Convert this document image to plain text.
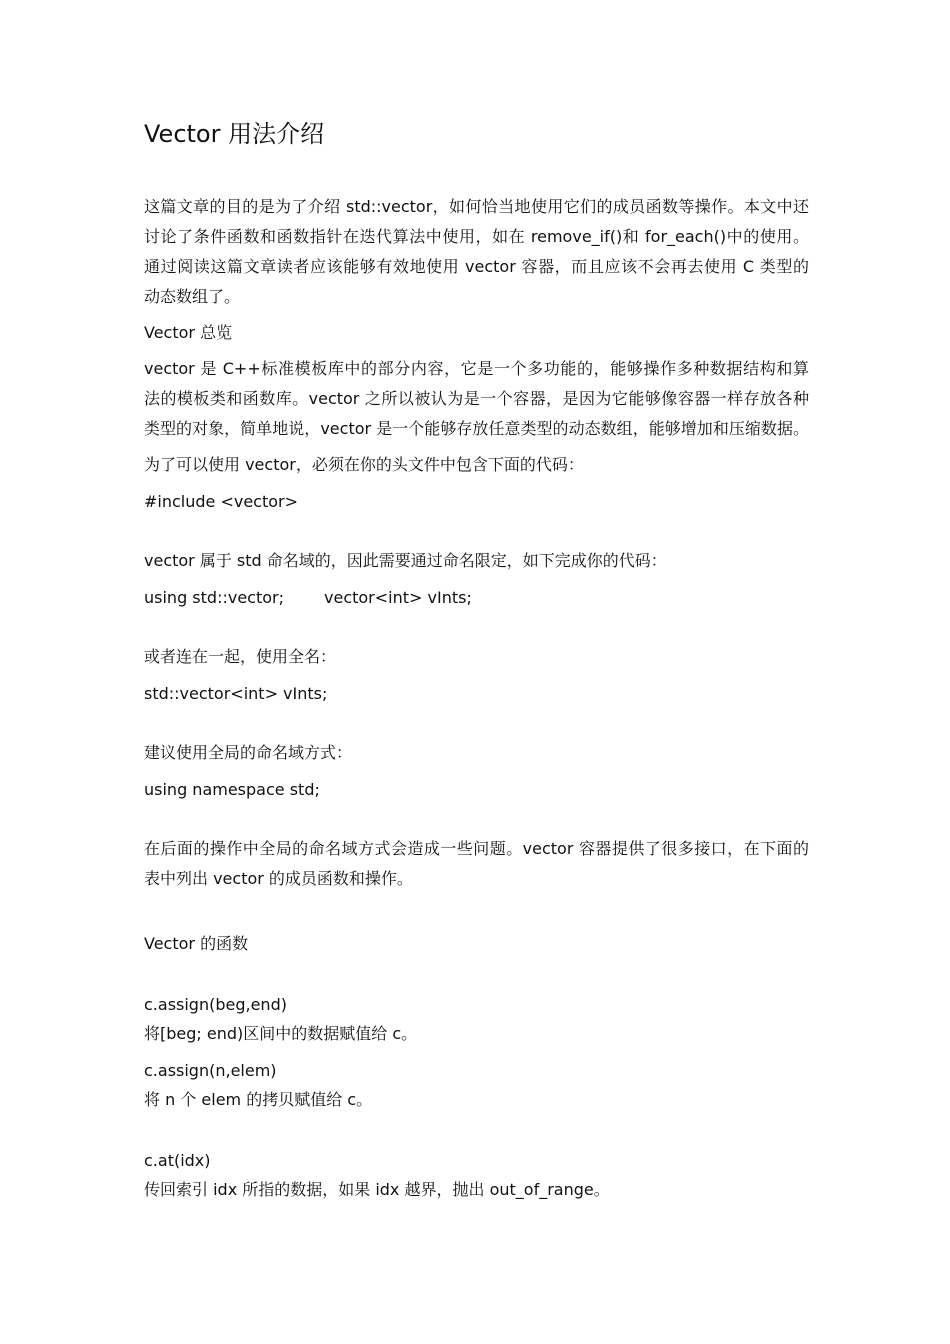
Vector 用法介绍
这篇文章的目的是为了介绍 std::vector，如何恰当地使用它们的成员函数等操作。本文中还
讨论了条件函数和函数指针在迭代算法中使用，如在 remove_if()和 for_each()中的使用。
通过阅读这篇文章读者应该能够有效地使用 vector 容器，而且应该不会再去使用 C 类型的
动态数组了。
Vector 总览
vector 是 C++标准模板库中的部分内容，它是一个多功能的，能够操作多种数据结构和算
法的模板类和函数库。vector 之所以被认为是一个容器，是因为它能够像容器一样存放各种
类型的对象，简单地说，vector 是一个能够存放任意类型的动态数组，能够增加和压缩数据。
为了可以使用 vector，必须在你的头文件中包含下面的代码：
#include <vector>
vector 属于 std 命名域的，因此需要通过命名限定，如下完成你的代码：
using std::vector;	vector<int> vInts;
或者连在一起，使用全名：
std::vector<int> vInts;
建议使用全局的命名域方式：
using namespace std;
在后面的操作中全局的命名域方式会造成一些问题。vector 容器提供了很多接口，在下面的
表中列出 vector 的成员函数和操作。
Vector 的函数
c.assign(beg,end)
将[beg; end)区间中的数据赋值给 c。
c.assign(n,elem)
将 n 个 elem 的拷贝赋值给 c。
c.at(idx)
传回索引 idx 所指的数据，如果 idx 越界，抛出 out_of_range。
